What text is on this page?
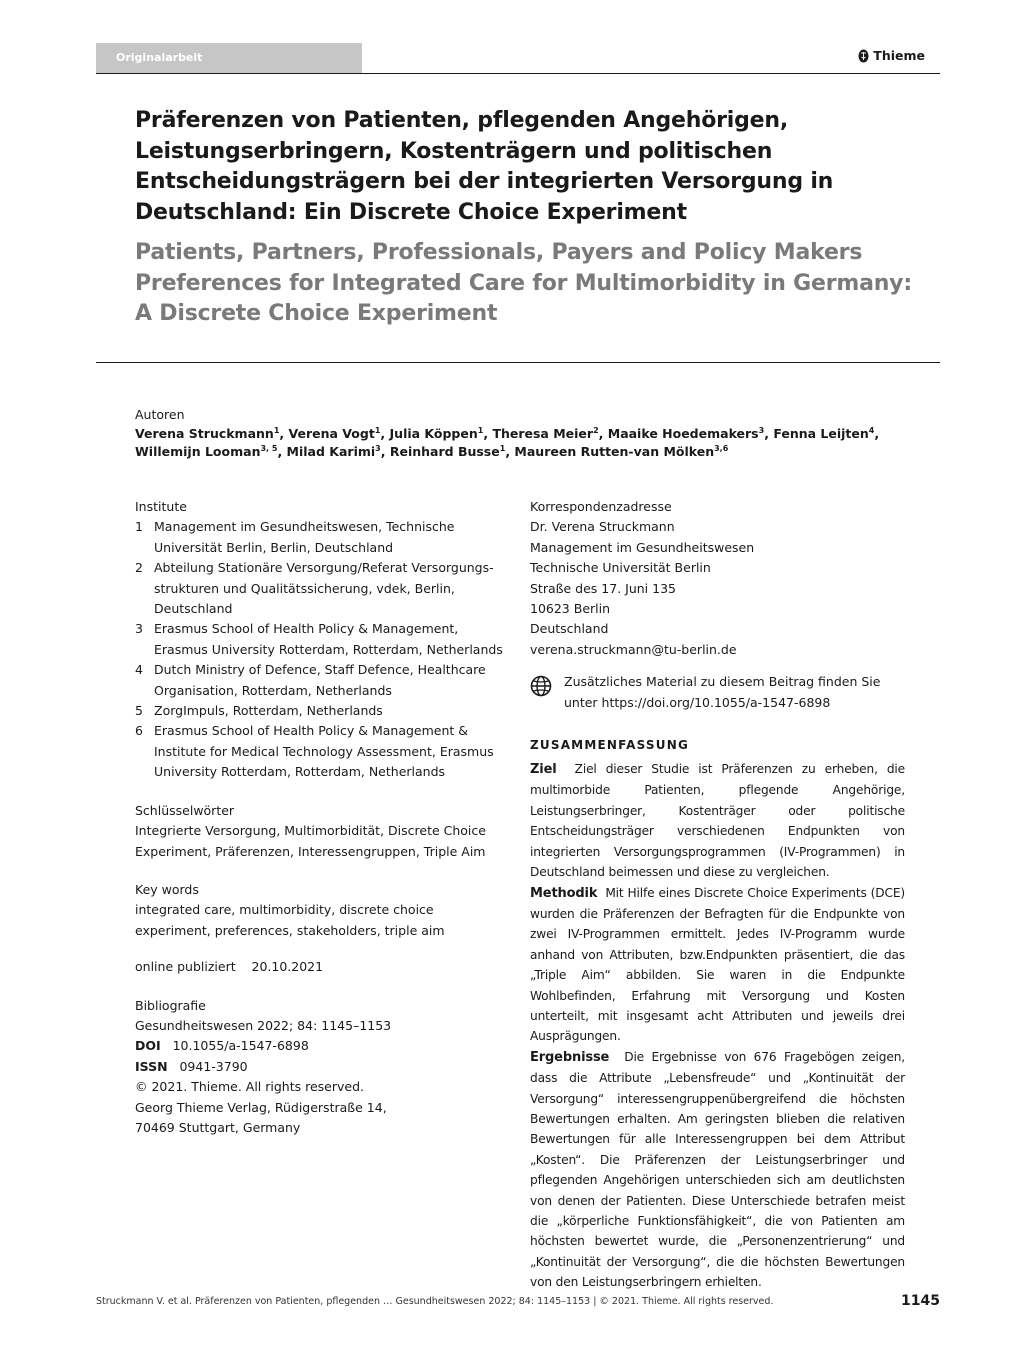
Originalarbeit	Thieme
Präferenzen von Patienten, pflegenden Angehörigen, Leistungserbringern, Kostenträgern und politischen Entscheidungsträgern bei der integrierten Versorgung in Deutschland: Ein Discrete Choice Experiment
Patients, Partners, Professionals, Payers and Policy Makers Preferences for Integrated Care for Multimorbidity in Germany: A Discrete Choice Experiment
Autoren
Verena Struckmann$^1$, Verena Vogt$^1$, Julia Köppen$^1$, Theresa Meier$^2$, Maaike Hoedemakers$^3$, Fenna Leijten$^4$, Willemijn Looman$^{3, 5}$, Milad Karimi$^3$, Reinhard Busse$^1$, Maureen Rutten-van Mölken$^{3,6}$
Institute
1 Management im Gesundheitswesen, Technische Universität Berlin, Berlin, Deutschland
2 Abteilung Stationäre Versorgung/Referat Versorgungsstrukturen und Qualitätssicherung, vdek, Berlin, Deutschland
3 Erasmus School of Health Policy & Management, Erasmus University Rotterdam, Rotterdam, Netherlands
4 Dutch Ministry of Defence, Staff Defence, Healthcare Organisation, Rotterdam, Netherlands
5 ZorgImpuls, Rotterdam, Netherlands
6 Erasmus School of Health Policy & Management & Institute for Medical Technology Assessment, Erasmus University Rotterdam, Rotterdam, Netherlands
Schlüsselwörter
Integrierte Versorgung, Multimorbidität, Discrete Choice Experiment, Präferenzen, Interessengruppen, Triple Aim
Key words
integrated care, multimorbidity, discrete choice experiment, preferences, stakeholders, triple aim
online publiziert 20.10.2021
Bibliografie
Gesundheitswesen 2022; 84: 1145–1153
DOI 10.1055/a-1547-6898
ISSN 0941-3790
© 2021. Thieme. All rights reserved.
Georg Thieme Verlag, Rüdigerstraße 14,
70469 Stuttgart, Germany
Korrespondenzadresse
Dr. Verena Struckmann
Management im Gesundheitswesen
Technische Universität Berlin
Straße des 17. Juni 135
10623 Berlin
Deutschland
verena.struckmann@tu-berlin.de
Zusätzliches Material zu diesem Beitrag finden Sie unter https://doi.org/10.1055/a-1547-6898
ZUSAMMENFASSUNG
Ziel Ziel dieser Studie ist Präferenzen zu erheben, die multimorbide Patienten, pflegende Angehörige, Leistungserbringer, Kostenträger oder politische Entscheidungsträger verschiedenen Endpunkten von integrierten Versorgungsprogrammen (IV-Programmen) in Deutschland beimessen und diese zu vergleichen.
Methodik Mit Hilfe eines Discrete Choice Experiments (DCE) wurden die Präferenzen der Befragten für die Endpunkte von zwei IV-Programmen ermittelt. Jedes IV-Programm wurde anhand von Attributen, bzw.Endpunkten präsentiert, die das „Triple Aim“ abbilden. Sie waren in die Endpunkte Wohlbefinden, Erfahrung mit Versorgung und Kosten unterteilt, mit insgesamt acht Attributen und jeweils drei Ausprägungen.
Ergebnisse Die Ergebnisse von 676 Fragebögen zeigen, dass die Attribute „Lebensfreude“ und „Kontinuität der Versorgung“ interessengruppenübergreifend die höchsten Bewertungen erhalten. Am geringsten blieben die relativen Bewertungen für alle Interessengruppen bei dem Attribut „Kosten“. Die Präferenzen der Leistungserbringer und pflegenden Angehörigen unterschieden sich am deutlichsten von denen der Patienten. Diese Unterschiede betrafen meist die „körperliche Funktionsfähigkeit“, die von Patienten am höchsten bewertet wurde, die „Personenzentrierung“ und „Kontinuität der Versorgung“, die die höchsten Bewertungen von den Leistungserbringern erhielten.
Struckmann V. et al. Präferenzen von Patienten, pflegenden … Gesundheitswesen 2022; 84: 1145–1153 | © 2021. Thieme. All rights reserved.	1145
